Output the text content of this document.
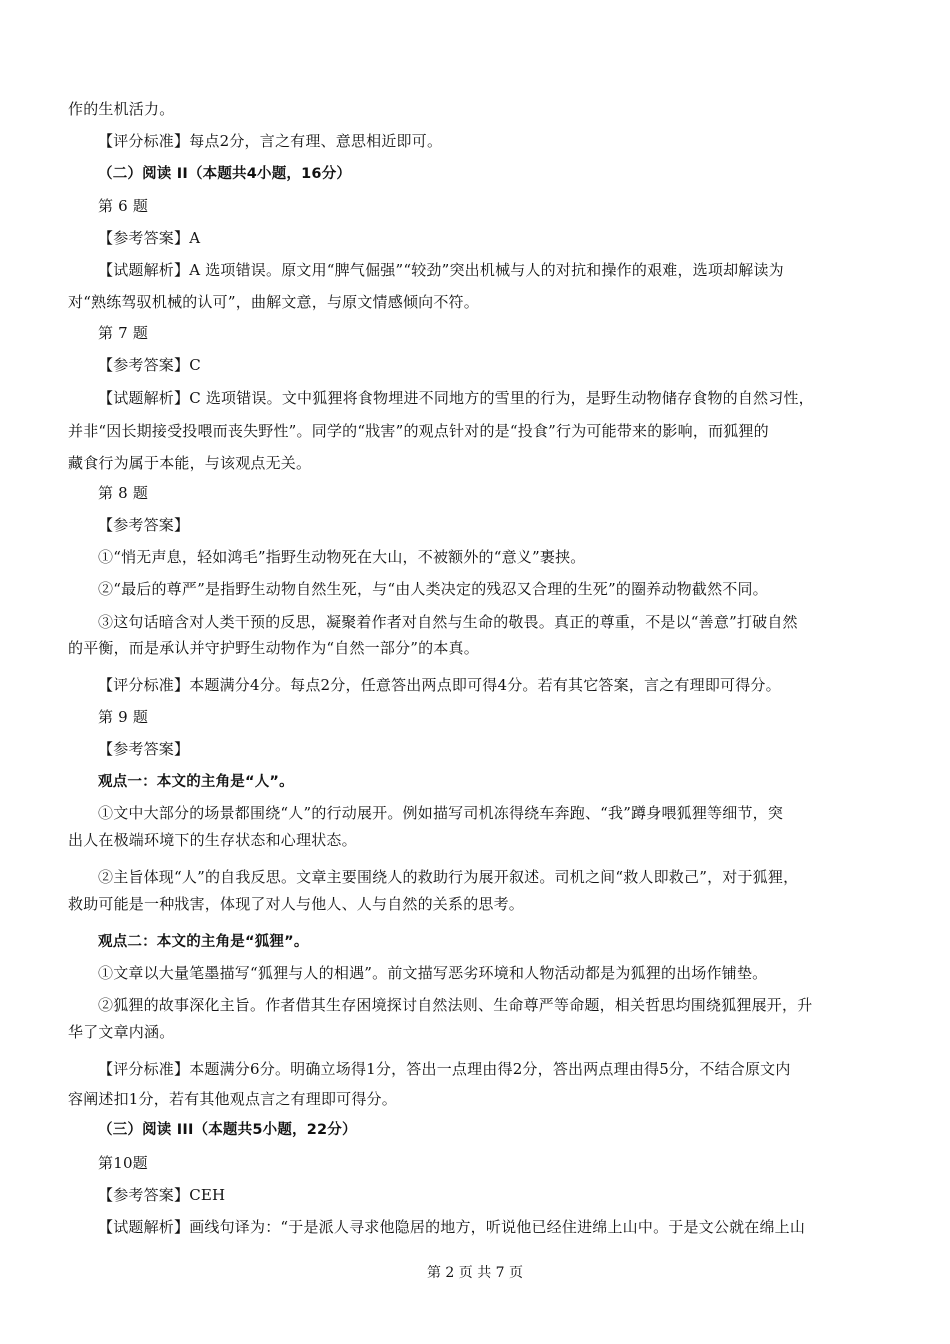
作的生机活力。
【评分标准】每点2分，言之有理、意思相近即可。
（二）阅读 II（本题共4小题，16分）
第 6 题
【参考答案】A
【试题解析】A 选项错误。原文用“脾气倔强”“较劲”突出机械与人的对抗和操作的艰难，选项却解读为
对“熟练驾驭机械的认可”，曲解文意，与原文情感倾向不符。
第 7 题
【参考答案】C
【试题解析】C 选项错误。文中狐狸将食物埋进不同地方的雪里的行为，是野生动物储存食物的自然习性，
并非“因长期接受投喂而丧失野性”。同学的“戕害”的观点针对的是“投食”行为可能带来的影响，而狐狸的
藏食行为属于本能，与该观点无关。
第 8 题
【参考答案】
①“悄无声息，轻如鸿毛”指野生动物死在大山，不被额外的“意义”裹挟。
②“最后的尊严”是指野生动物自然生死，与“由人类决定的残忍又合理的生死”的圈养动物截然不同。
③这句话暗含对人类干预的反思，凝聚着作者对自然与生命的敬畏。真正的尊重，不是以“善意”打破自然
的平衡，而是承认并守护野生动物作为“自然一部分”的本真。
【评分标准】本题满分4分。每点2分，任意答出两点即可得4分。若有其它答案，言之有理即可得分。
第 9 题
【参考答案】
观点一：本文的主角是“人”。
①文中大部分的场景都围绕“人”的行动展开。例如描写司机冻得绕车奔跑、“我”蹲身喂狐狸等细节，突
出人在极端环境下的生存状态和心理状态。
②主旨体现“人”的自我反思。文章主要围绕人的救助行为展开叙述。司机之间“救人即救己”，对于狐狸，
救助可能是一种戕害，体现了对人与他人、人与自然的关系的思考。
观点二：本文的主角是“狐狸”。
①文章以大量笔墨描写“狐狸与人的相遇”。前文描写恶劣环境和人物活动都是为狐狸的出场作铺垫。
②狐狸的故事深化主旨。作者借其生存困境探讨自然法则、生命尊严等命题，相关哲思均围绕狐狸展开，升
华了文章内涵。
【评分标准】本题满分6分。明确立场得1分，答出一点理由得2分，答出两点理由得5分，不结合原文内
容阐述扣1分，若有其他观点言之有理即可得分。
（三）阅读 III（本题共5小题，22分）
第10题
【参考答案】CEH
【试题解析】画线句译为：“于是派人寻求他隐居的地方，听说他已经住进绵上山中。于是文公就在绵上山
第 2 页 共 7 页
